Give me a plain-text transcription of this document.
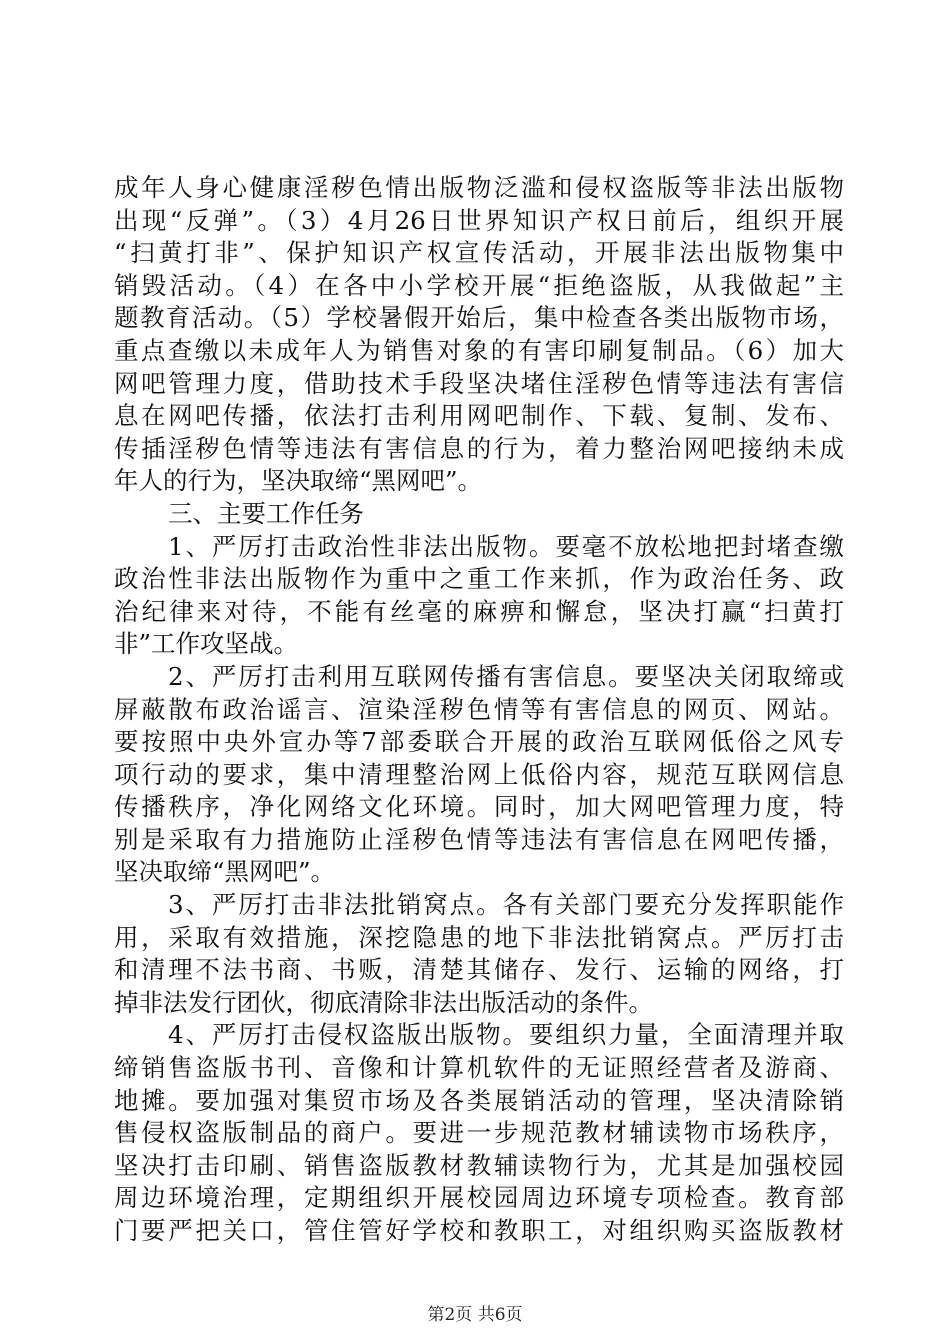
成年人身心健康淫秽色情出版物泛滥和侵权盗版等非法出版物
出现“反弹”。（3）4月26日世界知识产权日前后，组织开展
“扫黄打非”、保护知识产权宣传活动，开展非法出版物集中
销毁活动。（4）在各中小学校开展“拒绝盗版，从我做起”主
题教育活动。（5）学校暑假开始后，集中检查各类出版物市场，
重点查缴以未成年人为销售对象的有害印刷复制品。（6）加大
网吧管理力度，借助技术手段坚决堵住淫秽色情等违法有害信
息在网吧传播，依法打击利用网吧制作、下载、复制、发布、
传插淫秽色情等违法有害信息的行为，着力整治网吧接纳未成
年人的行为，坚决取缔“黑网吧”。
三、主要工作任务
1、严厉打击政治性非法出版物。要毫不放松地把封堵查缴
政治性非法出版物作为重中之重工作来抓，作为政治任务、政
治纪律来对待，不能有丝毫的麻痹和懈怠，坚决打赢“扫黄打
非”工作攻坚战。
2、严厉打击利用互联网传播有害信息。要坚决关闭取缔或
屏蔽散布政治谣言、渲染淫秽色情等有害信息的网页、网站。
要按照中央外宣办等7部委联合开展的政治互联网低俗之风专
项行动的要求，集中清理整治网上低俗内容，规范互联网信息
传播秩序，净化网络文化环境。同时，加大网吧管理力度，特
别是采取有力措施防止淫秽色情等违法有害信息在网吧传播，
坚决取缔“黑网吧”。
3、严厉打击非法批销窝点。各有关部门要充分发挥职能作
用，采取有效措施，深挖隐患的地下非法批销窝点。严厉打击
和清理不法书商、书贩，清楚其储存、发行、运输的网络，打
掉非法发行团伙，彻底清除非法出版活动的条件。
4、严厉打击侵权盗版出版物。要组织力量，全面清理并取
缔销售盗版书刊、音像和计算机软件的无证照经营者及游商、
地摊。要加强对集贸市场及各类展销活动的管理，坚决清除销
售侵权盗版制品的商户。要进一步规范教材辅读物市场秩序，
坚决打击印刷、销售盗版教材教辅读物行为，尤其是加强校园
周边环境治理，定期组织开展校园周边环境专项检查。教育部
门要严把关口，管住管好学校和教职工，对组织购买盗版教材
第2页 共6页
